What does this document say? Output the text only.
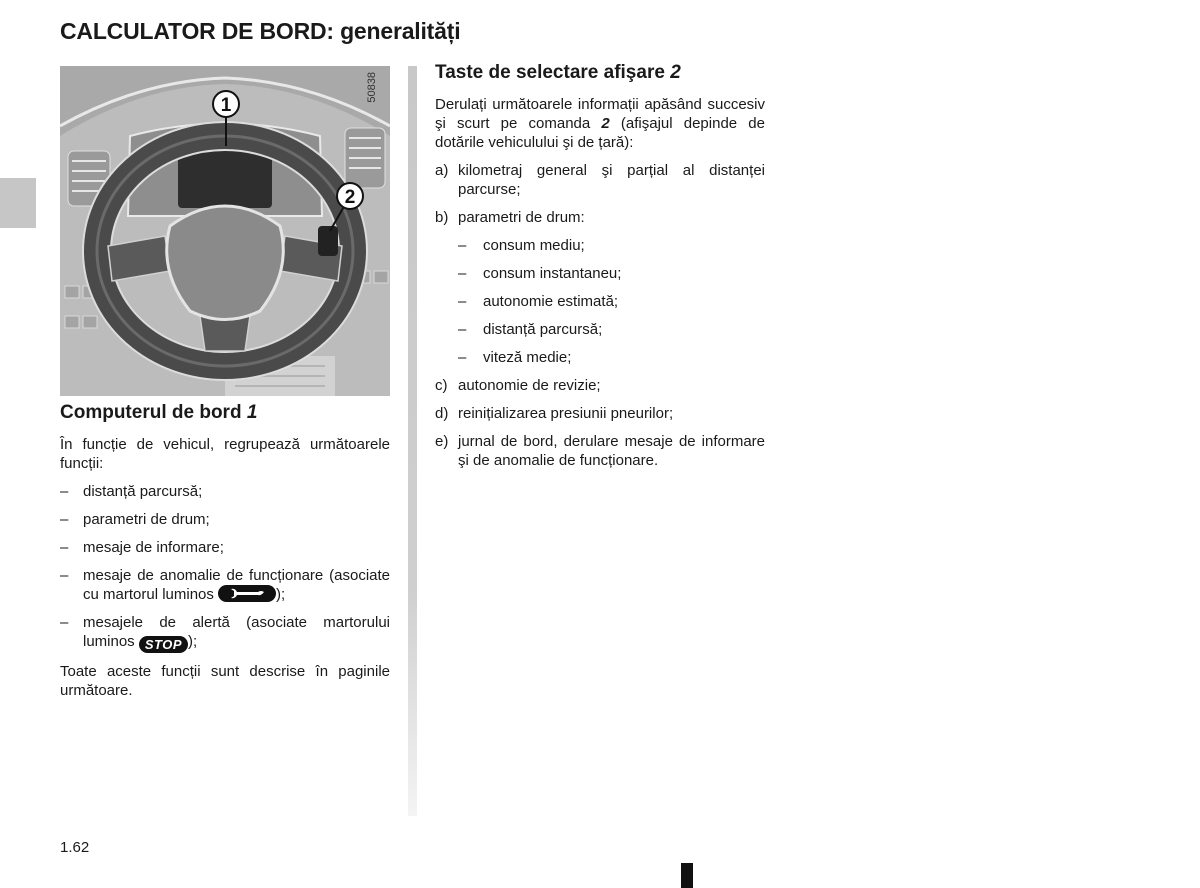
CALCULATOR DE BORD: generalități
1
2
50838
Computerul de bord 1

În funcție de vehicul, regrupează următoarele funcții:

– distanță parcursă;
– parametri de drum;
– mesaje de informare;
– mesaje de anomalie de funcționare (asociate cu martorul luminos	);
– mesajele de alertă (asociate martorului luminos STOP );

Toate aceste funcții sunt descrise în paginile următoare.

Taste de selectare afişare 2

Derulați următoarele informații apăsând succesiv şi scurt pe comanda 2 (afişajul depinde de dotările vehiculului şi de țară):

a) kilometraj general şi parțial al distanței parcurse;
b) parametri de drum:
– consum mediu;
– consum instantaneu;
– autonomie estimată;
– distanță parcursă;
– viteză medie;
c) autonomie de revizie;
d) reinițializarea presiunii pneurilor;
e) jurnal de bord, derulare mesaje de informare şi de anomalie de funcționare.

1.62
